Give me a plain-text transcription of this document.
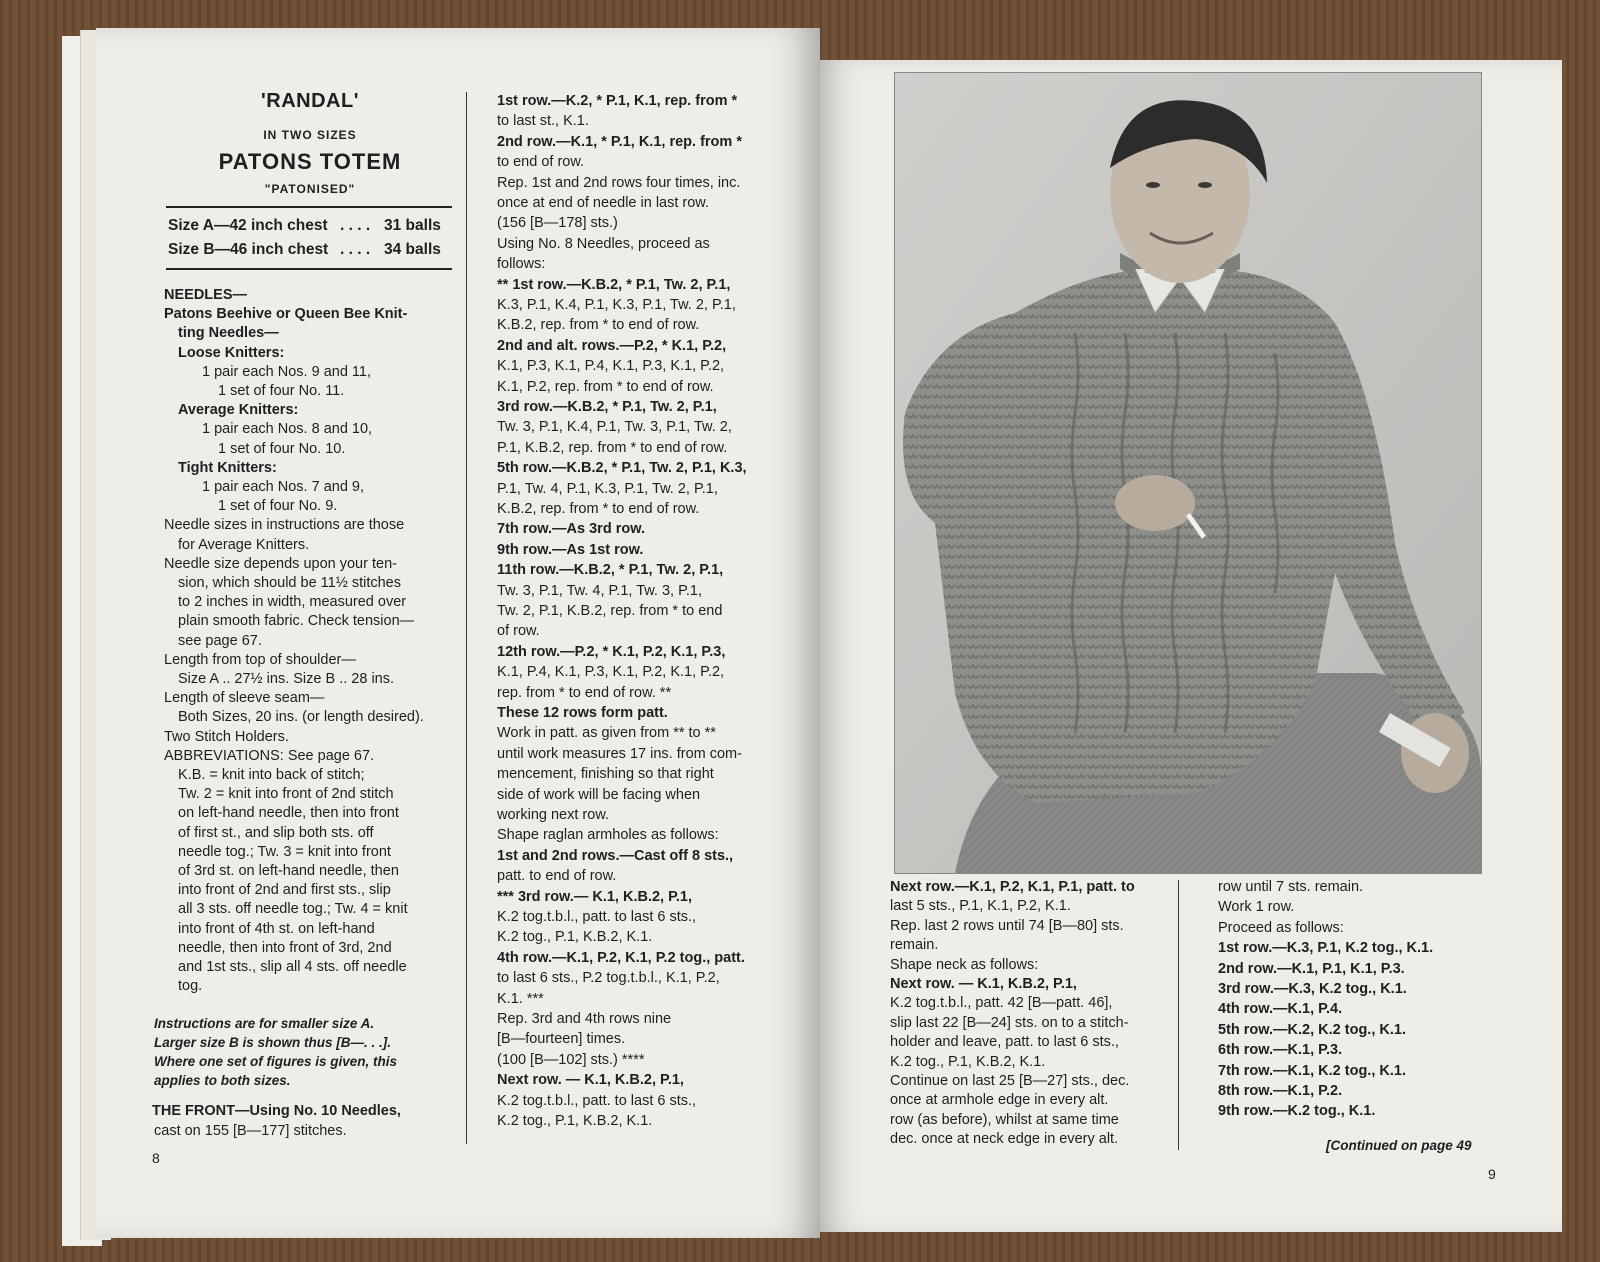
'RANDAL'
IN TWO SIZES
PATONS TOTEM
"PATONISED"
Size A—42 inch chest . . . . 31 balls
Size B—46 inch chest . . . . 34 balls
NEEDLES—
Patons Beehive or Queen Bee Knit-
ting Needles—
Loose Knitters:
1 pair each Nos. 9 and 11,
1 set of four No. 11.
Average Knitters:
1 pair each Nos. 8 and 10,
1 set of four No. 10.
Tight Knitters:
1 pair each Nos. 7 and 9,
1 set of four No. 9.
Needle sizes in instructions are those
for Average Knitters.
Needle size depends upon your ten-
sion, which should be 11½ stitches
to 2 inches in width, measured over
plain smooth fabric. Check tension—
see page 67.
Length from top of shoulder—
Size A .. 27½ ins. Size B .. 28 ins.
Length of sleeve seam—
Both Sizes, 20 ins. (or length desired).
Two Stitch Holders.
ABBREVIATIONS: See page 67.
K.B. = knit into back of stitch;
Tw. 2 = knit into front of 2nd stitch
on left-hand needle, then into front
of first st., and slip both sts. off
needle tog.; Tw. 3 = knit into front
of 3rd st. on left-hand needle, then
into front of 2nd and first sts., slip
all 3 sts. off needle tog.; Tw. 4 = knit
into front of 4th st. on left-hand
needle, then into front of 3rd, 2nd
and 1st sts., slip all 4 sts. off needle
tog.
Instructions are for smaller size A.
Larger size B is shown thus [B—. . .].
Where one set of figures is given, this
applies to both sizes.
THE FRONT—Using No. 10 Needles,
cast on 155 [B—177] stitches.
1st row.—K.2, * P.1, K.1, rep. from *
to last st., K.1.
2nd row.—K.1, * P.1, K.1, rep. from *
to end of row.
Rep. 1st and 2nd rows four times, inc.
once at end of needle in last row.
(156 [B—178] sts.)
Using No. 8 Needles, proceed as
follows:
** 1st row.—K.B.2, * P.1, Tw. 2, P.1,
K.3, P.1, K.4, P.1, K.3, P.1, Tw. 2, P.1,
K.B.2, rep. from * to end of row.
2nd and alt. rows.—P.2, * K.1, P.2,
K.1, P.3, K.1, P.4, K.1, P.3, K.1, P.2,
K.1, P.2, rep. from * to end of row.
3rd row.—K.B.2, * P.1, Tw. 2, P.1,
Tw. 3, P.1, K.4, P.1, Tw. 3, P.1, Tw. 2,
P.1, K.B.2, rep. from * to end of row.
5th row.—K.B.2, * P.1, Tw. 2, P.1, K.3,
P.1, Tw. 4, P.1, K.3, P.1, Tw. 2, P.1,
K.B.2, rep. from * to end of row.
7th row.—As 3rd row.
9th row.—As 1st row.
11th row.—K.B.2, * P.1, Tw. 2, P.1,
Tw. 3, P.1, Tw. 4, P.1, Tw. 3, P.1,
Tw. 2, P.1, K.B.2, rep. from * to end
of row.
12th row.—P.2, * K.1, P.2, K.1, P.3,
K.1, P.4, K.1, P.3, K.1, P.2, K.1, P.2,
rep. from * to end of row. **
These 12 rows form patt.
Work in patt. as given from ** to **
until work measures 17 ins. from com-
mencement, finishing so that right
side of work will be facing when
working next row.
Shape raglan armholes as follows:
1st and 2nd rows.—Cast off 8 sts.,
patt. to end of row.
*** 3rd row.— K.1, K.B.2, P.1,
K.2 tog.t.b.l., patt. to last 6 sts.,
K.2 tog., P.1, K.B.2, K.1.
4th row.—K.1, P.2, K.1, P.2 tog., patt.
to last 6 sts., P.2 tog.t.b.l., K.1, P.2,
K.1. ***
Rep. 3rd and 4th rows nine
[B—fourteen] times.
(100 [B—102] sts.) ****
Next row. — K.1, K.B.2, P.1,
K.2 tog.t.b.l., patt. to last 6 sts.,
K.2 tog., P.1, K.B.2, K.1.
8
Next row.—K.1, P.2, K.1, P.1, patt. to
last 5 sts., P.1, K.1, P.2, K.1.
Rep. last 2 rows until 74 [B—80] sts.
remain.
Shape neck as follows:
Next row. — K.1, K.B.2, P.1,
K.2 tog.t.b.l., patt. 42 [B—patt. 46],
slip last 22 [B—24] sts. on to a stitch-
holder and leave, patt. to last 6 sts.,
K.2 tog., P.1, K.B.2, K.1.
Continue on last 25 [B—27] sts., dec.
once at armhole edge in every alt.
row (as before), whilst at same time
dec. once at neck edge in every alt.
row until 7 sts. remain.
Work 1 row.
Proceed as follows:
1st row.—K.3, P.1, K.2 tog., K.1.
2nd row.—K.1, P.1, K.1, P.3.
3rd row.—K.3, K.2 tog., K.1.
4th row.—K.1, P.4.
5th row.—K.2, K.2 tog., K.1.
6th row.—K.1, P.3.
7th row.—K.1, K.2 tog., K.1.
8th row.—K.1, P.2.
9th row.—K.2 tog., K.1.
[Continued on page 49
9
